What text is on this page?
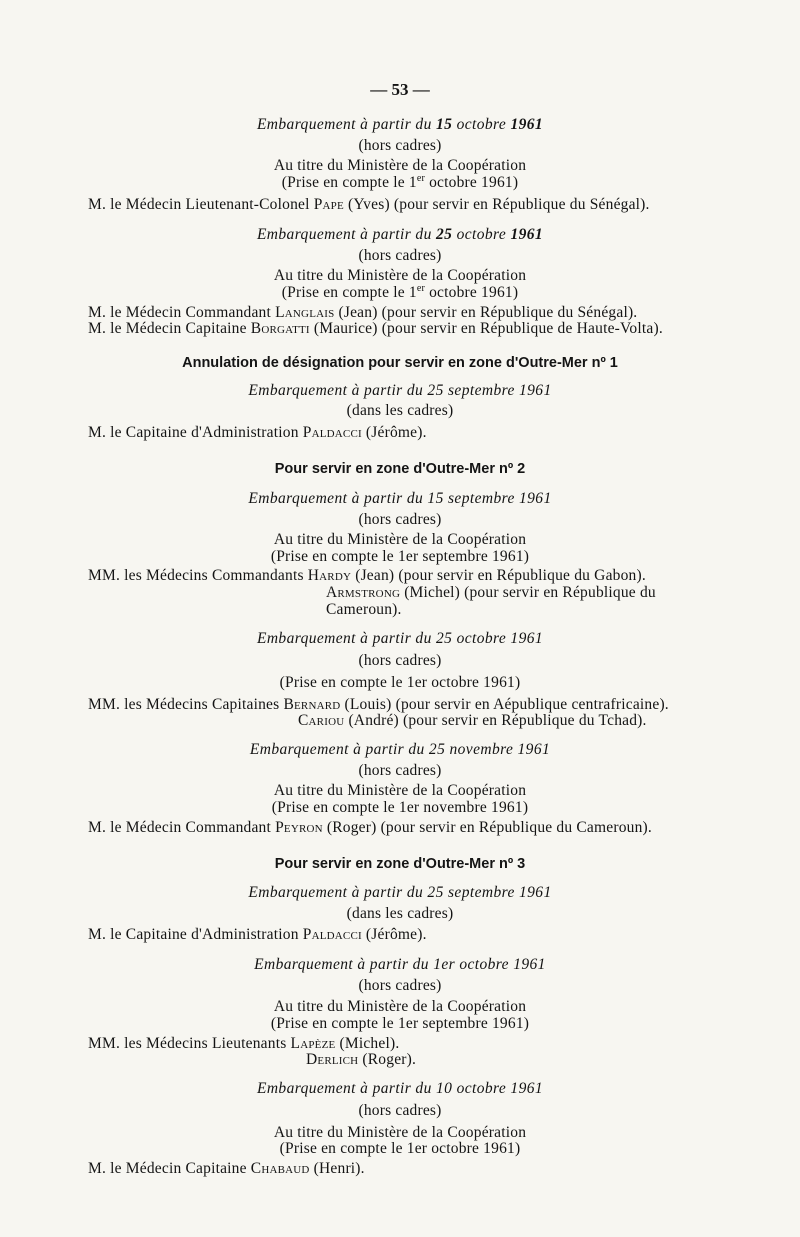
— 53 —
Embarquement à partir du 15 octobre 1961
(hors cadres)
Au titre du Ministère de la Coopération
(Prise en compte le 1er octobre 1961)
M. le Médecin Lieutenant-Colonel Pape (Yves) (pour servir en République du Sénégal).
Embarquement à partir du 25 octobre 1961
(hors cadres)
Au titre du Ministère de la Coopération
(Prise en compte le 1er octobre 1961)
M. le Médecin Commandant Langlais (Jean) (pour servir en République du Sénégal).
M. le Médecin Capitaine Borgatti (Maurice) (pour servir en République de Haute-Volta).
Annulation de désignation pour servir en zone d'Outre-Mer nº 1
Embarquement à partir du 25 septembre 1961
(dans les cadres)
M. le Capitaine d'Administration Paldacci (Jérôme).
Pour servir en zone d'Outre-Mer nº 2
Embarquement à partir du 15 septembre 1961
(hors cadres)
Au titre du Ministère de la Coopération
(Prise en compte le 1er septembre 1961)
MM. les Médecins Commandants Hardy (Jean) (pour servir en République du Gabon).
Armstrong (Michel) (pour servir en République du
Cameroun).
Embarquement à partir du 25 octobre 1961
(hors cadres)
(Prise en compte le 1er octobre 1961)
MM. les Médecins Capitaines Bernard (Louis) (pour servir en Aépublique centrafricaine).
Cariou (André) (pour servir en République du Tchad).
Embarquement à partir du 25 novembre 1961
(hors cadres)
Au titre du Ministère de la Coopération
(Prise en compte le 1er novembre 1961)
M. le Médecin Commandant Peyron (Roger) (pour servir en République du Cameroun).
Pour servir en zone d'Outre-Mer nº 3
Embarquement à partir du 25 septembre 1961
(dans les cadres)
M. le Capitaine d'Administration Paldacci (Jérôme).
Embarquement à partir du 1er octobre 1961
(hors cadres)
Au titre du Ministère de la Coopération
(Prise en compte le 1er septembre 1961)
MM. les Médecins Lieutenants Lapèze (Michel).
Derlich (Roger).
Embarquement à partir du 10 octobre 1961
(hors cadres)
Au titre du Ministère de la Coopération
(Prise en compte le 1er octobre 1961)
M. le Médecin Capitaine Chabaud (Henri).
